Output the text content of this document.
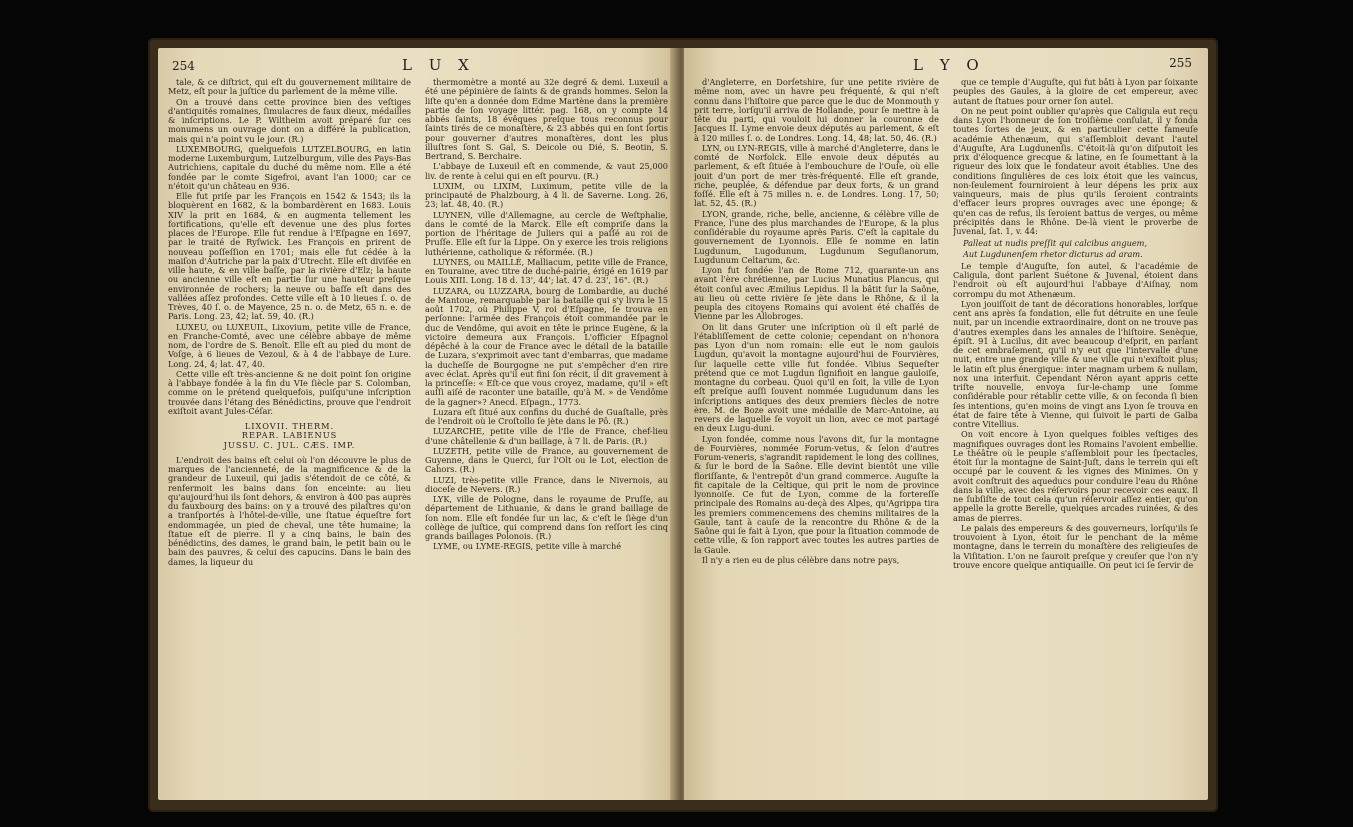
254	L U X

tale, & ce diſtrict, qui eſt du gouvernement militaire de Metz, eſt pour la juſtice du parlement de la même ville.

On a trouvé dans cette province bien des veſtiges d'antiquités romaines, ſimulacres de faux dieux, médailles & inſcriptions. Le P. Wiltheim avoit préparé ſur ces monumens un ouvrage dont on a différé la publication, mais qui n'a point vu le jour. (R.)

LUXEMBOURG, quelquefois LUTZELBOURG, en latin moderne Luxemburgum, Lutzelburgum, ville des Pays-Bas Autrichiens, capitale du duché du même nom. Elle a été fondée par le comte Sigefroi, avant l'an 1000; car ce n'étoit qu'un château en 936.

Elle fut priſe par les François en 1542 & 1543; ils la bloquèrent en 1682, & la bombardèrent en 1683. Louis XIV la prit en 1684, & en augmenta tellement les fortifications, qu'elle eſt devenue une des plus fortes places de l'Europe. Elle fut rendue à l'Eſpagne en 1697, par le traité de Ryſwick. Les François en prirent de nouveau poſſeſſion en 1701; mais elle fut cédée à la maiſon d'Autriche par la paix d'Utrecht. Elle eſt diviſée en ville haute, & en ville baſſe, par la rivière d'Elz; la haute ou ancienne ville eſt en partie ſur une hauteur preſque environnée de rochers; la neuve ou baſſe eſt dans des vallées aſſez profondes. Cette ville eſt à 10 lieues ſ. o. de Trèves, 40 ſ. o. de Mayence, 25 n. o. de Metz, 65 n. e. de Paris. Long. 23, 42; lat. 59, 40. (R.)

LUXEU, ou LUXEUIL, Lixovium, petite ville de France, en Franche-Comté, avec une célèbre abbaye de même nom, de l'ordre de S. Benoît. Elle eſt au pied du mont de Voſge, à 6 lieues de Vezoul, & à 4 de l'abbaye de Lure. Long. 24, 4; lat. 47, 40.

Cette ville eſt très-ancienne & ne doit point ſon origine à l'abbaye fondée à la fin du VIe ſiècle par S. Colomban, comme on le prétend quelquefois, puiſqu'une inſcription trouvée dans l'étang des Bénédictins, prouve que l'endroit exiſtoit avant Jules-Céſar.

LIXOVII. THERM.

REPAR. LABIENUS

JUSSU. C. JUL. CÆS. IMP.

L'endroit des bains eſt celui où l'on découvre le plus de marques de l'ancienneté, de la magnificence & de la grandeur de Luxeuil, qui jadis s'étendoit de ce côté, & renfermoit les bains dans ſon enceinte: au lieu qu'aujourd'hui ils ſont dehors, & environ à 400 pas auprès du fauxbourg des bains: on y a trouvé des pilaſtres qu'on a tranſportés à l'hôtel-de-ville, une ſtatue équeſtre fort endommagée, un pied de cheval, une tête humaine; la ſtatue eſt de pierre. Il y a cinq bains, le bain des bénédictins, des dames, le grand bain, le petit bain ou le bain des pauvres, & celui des capucins. Dans le bain des dames, la liqueur du

thermomètre a monté au 32e degré & demi. Luxeuil a été une pépinière de ſaints & de grands hommes. Selon la liſte qu'en a donnée dom Edme Martène dans la première partie de ſon voyage littér. pag. 168, on y compte 14 abbés ſaints, 18 évêques preſque tous reconnus pour ſaints tirés de ce monaſtère, & 23 abbés qui en ſont ſortis pour gouverner d'autres monaſtères, dont les plus illuſtres ſont S. Gal, S. Deicole ou Dié, S. Beotin, S. Bertrand, S. Berchaire.

L'abbaye de Luxeuil eſt en commende, & vaut 25,000 liv. de rente à celui qui en eſt pourvu. (R.)

LUXIM, ou LIXIM, Luximum, petite ville de la principauté de Phalzbourg, à 4 li. de Saverne. Long. 26, 23; lat. 48, 40. (R.)

LUYNEN, ville d'Allemagne, au cercle de Weſtphalie, dans le comté de la Marck. Elle eſt compriſe dans la portion de l'héritage de Juliers qui a paſſé au roi de Pruſſe. Elle eſt ſur la Lippe. On y exerce les trois religions luthérienne, catholique & réformée. (R.)

LUYNES, ou MAILLÉ, Malliacum, petite ville de France, en Touraine, avec titre de duché-pairie, érigé en 1619 par Louis XIII. Long. 18 d. 13', 44'; lat. 47 d. 23', 16". (R.)

LUZARA, ou LUZZARA, bourg de Lombardie, au duché de Mantoue, remarquable par la bataille qui s'y livra le 15 août 1702, où Philippe V, roi d'Eſpagne, ſe trouva en perſonne: l'armée des François étoit commandée par le duc de Vendôme, qui avoit en tête le prince Eugène, & la victoire demeura aux François. L'officier Eſpagnol dépêché à la cour de France avec le détail de la bataille de Luzara, s'exprimoit avec tant d'embarras, que madame la ducheſſe de Bourgogne ne put s'empêcher d'en rire avec éclat. Après qu'il eut fini ſon récit, il dit gravement à la princeſſe: « Eſt-ce que vous croyez, madame, qu'il » eſt auſſi aiſé de raconter une bataille, qu'à M. » de Vendôme de la gagner»? Anecd. Eſpagn., 1773.

Luzara eſt ſitué aux confins du duché de Guaſtalle, près de l'endroit où le Croſtollo ſe jète dans le Pô. (R.)

LUZARCHE, petite ville de l'Ile de France, chef-lieu d'une châtellenie & d'un baillage, à 7 li. de Paris. (R.)

LUZETH, petite ville de France, au gouvernement de Guyenne, dans le Querci, ſur l'Olt ou le Lot, election de Cahors. (R.)

LUZI, très-petite ville France, dans le Nivernois, au dioceſe de Nevers. (R.)

LYK, ville de Pologne, dans le royaume de Pruſſe, au département de Lithuanie, & dans le grand baillage de ſon nom. Elle eſt fondée ſur un lac, & c'eſt le ſiège d'un collège de juſtice, qui comprend dans ſon reſſort les cinq grands baillages Polonois. (R.)

LYME, ou LYME-REGIS, petite ville à marché

L Y O	255

d'Angleterre, en Dorſetshire, ſur une petite rivière de même nom, avec un havre peu fréquenté, & qui n'eſt connu dans l'hiſtoire que parce que le duc de Monmouth y prit terre, lorſqu'il arriva de Hollande, pour ſe mettre à la tête du parti, qui vouloit lui donner la couronne de Jacques II. Lyme envoie deux députés au parlement, & eſt à 120 milles ſ. o. de Londres. Long. 14, 48; lat. 50, 46. (R.)

LYN, ou LYN-REGIS, ville à marché d'Angleterre, dans le comté de Norfolck. Elle envoie deux députés au parlement, & eſt ſituée à l'embouchure de l'Ouſe, où elle jouit d'un port de mer très-fréquenté. Elle eſt grande, riche, peuplée, & défendue par deux forts, & un grand foſſé. Elle eſt à 75 milles n. e. de Londres. Long. 17, 50; lat. 52, 45. (R.)

LYON, grande, riche, belle, ancienne, & célèbre ville de France, l'une des plus marchandes de l'Europe, & la plus conſidérable du royaume après Paris. C'eſt la capitale du gouvernement de Lyonnois. Elle ſe nomme en latin Lugdunum, Lugodunum, Lugdunum Seguſianorum, Lugdunum Celtarum, &c.

Lyon fut fondée l'an de Rome 712, quarante-un ans avant l'ère chrétienne, par Lucius Munatius Plancus, qui étoit conſul avec Æmilius Lepidus. Il la bâtit ſur la Saône, au lieu où cette rivière ſe jète dans le Rhône, & il la peupla des citoyens Romains qui avoient été chaſſés de Vienne par les Allobroges.

On lit dans Gruter une inſcription où il eſt parlé de l'établiſſement de cette colonie; cependant on n'honora pas Lyon d'un nom romain: elle eut le nom gaulois Lugdun, qu'avoit la montagne aujourd'hui de Fourvières, ſur laquelle cette ville fut fondée. Vibius Sequeſter prétend que ce mot Lugdun ſignifioit en langue gauloiſe, montagne du corbeau. Quoi qu'il en ſoit, la ville de Lyon eſt preſque auſſi ſouvent nommée Lugudunum dans les inſcriptions antiques des deux premiers ſiècles de notre ère. M. de Boze avoit une médaille de Marc-Antoine, au revers de laquelle ſe voyoit un lion, avec ce mot partagé en deux Lugu-duni.

Lyon fondée, comme nous l'avons dit, ſur la montagne de Fourvières, nommée Forum-vetus, & ſelon d'autres Forum-veneris, s'agrandit rapidement le long des collines, & ſur le bord de la Saône. Elle devint bientôt une ville floriſſante, & l'entrepôt d'un grand commerce. Auguſte la fit capitale de la Celtique, qui prit le nom de province lyonnoiſe. Ce fut de Lyon, comme de la fortereſſe principale des Romains au-deçà des Alpes, qu'Agrippa tira les premiers commencemens des chemins militaires de la Gaule, tant à cauſe de la rencontre du Rhône & de la Saône qui ſe fait à Lyon, que pour la ſituation commode de cette ville, & ſon rapport avec toutes les autres parties de la Gaule.

Il n'y a rien eu de plus célèbre dans notre pays,

que ce temple d'Auguſte, qui fut bâti à Lyon par ſoixante peuples des Gaules, à la gloire de cet empereur, avec autant de ſtatues pour orner ſon autel.

On ne peut point oublier qu'après que Caligula eut reçu dans Lyon l'honneur de ſon troiſième conſulat, il y fonda toutes ſortes de jeux, & en particulier cette fameuſe académie Athenæum, qui s'aſſembloit devant l'autel d'Auguſte, Ara Lugdunenſis. C'étoit-là qu'on diſputoit les prix d'éloquence grecque & latine, en ſe ſoumettant à la rigueur des loix que le fondateur avoit établies. Une des conditions ſingulières de ces loix étoit que les vaincus, non-ſeulement fourniroient à leur dépens les prix aux vainqueurs, mais de plus qu'ils ſeroient contraints d'effacer leurs propres ouvrages avec une éponge; & qu'en cas de refus, ils ſeroient battus de verges, ou même précipités dans le Rhône. De-là vient le proverbe de Juvenal, ſat. 1, v. 44:

Palleat ut nudis preſſit qui calcibus anguem,

Aut Lugdunenſem rhetor dicturus ad aram.

Le temple d'Auguſte, ſon autel, & l'académie de Caligula, dont parlent Suétone & Juvenal, étoient dans l'endroit où eſt aujourd'hui l'abbaye d'Aiſnay, nom corrompu du mot Athenæum.

Lyon jouiſſoit de tant de décorations honorables, lorſque cent ans après ſa fondation, elle fut détruite en une ſeule nuit, par un incendie extraordinaire, dont on ne trouve pas d'autres exemples dans les annales de l'hiſtoire. Senèque, épiſt. 91 à Lucilus, dit avec beaucoup d'eſprit, en parlant de cet embraſement, qu'il n'y eut que l'intervalle d'une nuit, entre une grande ville & une ville qui n'exiſtoit plus; le latin eſt plus énergique: inter magnam urbem & nullam, nox una interfuit. Cependant Néron ayant appris cette triſte nouvelle, envoya ſur-le-champ une ſomme conſidérable pour rétablir cette ville, & on ſeconda ſi bien ſes intentions, qu'en moins de vingt ans Lyon ſe trouva en état de faire tête à Vienne, qui ſuivoit le parti de Galba contre Vitellius.

On voit encore à Lyon quelques foibles veſtiges des magnifiques ouvrages dont les Romains l'avoient embellie. Le théâtre où le peuple s'aſſembloit pour les ſpectacles, étoit ſur la montagne de Saint-Juſt, dans le terrein qui eſt occupé par le couvent & les vignes des Minimes. On y avoit conſtruit des aqueducs pour conduire l'eau du Rhône dans la ville, avec des réſervoirs pour recevoir ces eaux. Il ne ſubſiſte de tout cela qu'un réſervoir aſſez entier, qu'on appelle la grotte Berelle, quelques arcades ruinées, & des amas de pierres.

Le palais des empereurs & des gouverneurs, lorſqu'ils ſe trouvoient à Lyon, étoit ſur le penchant de la même montagne, dans le terrein du monaſtère des religieuſes de la Viſitation. L'on ne ſauroit preſque y creuſer que l'on n'y trouve encore quelque antiquaille. On peut ici ſe ſervir de
